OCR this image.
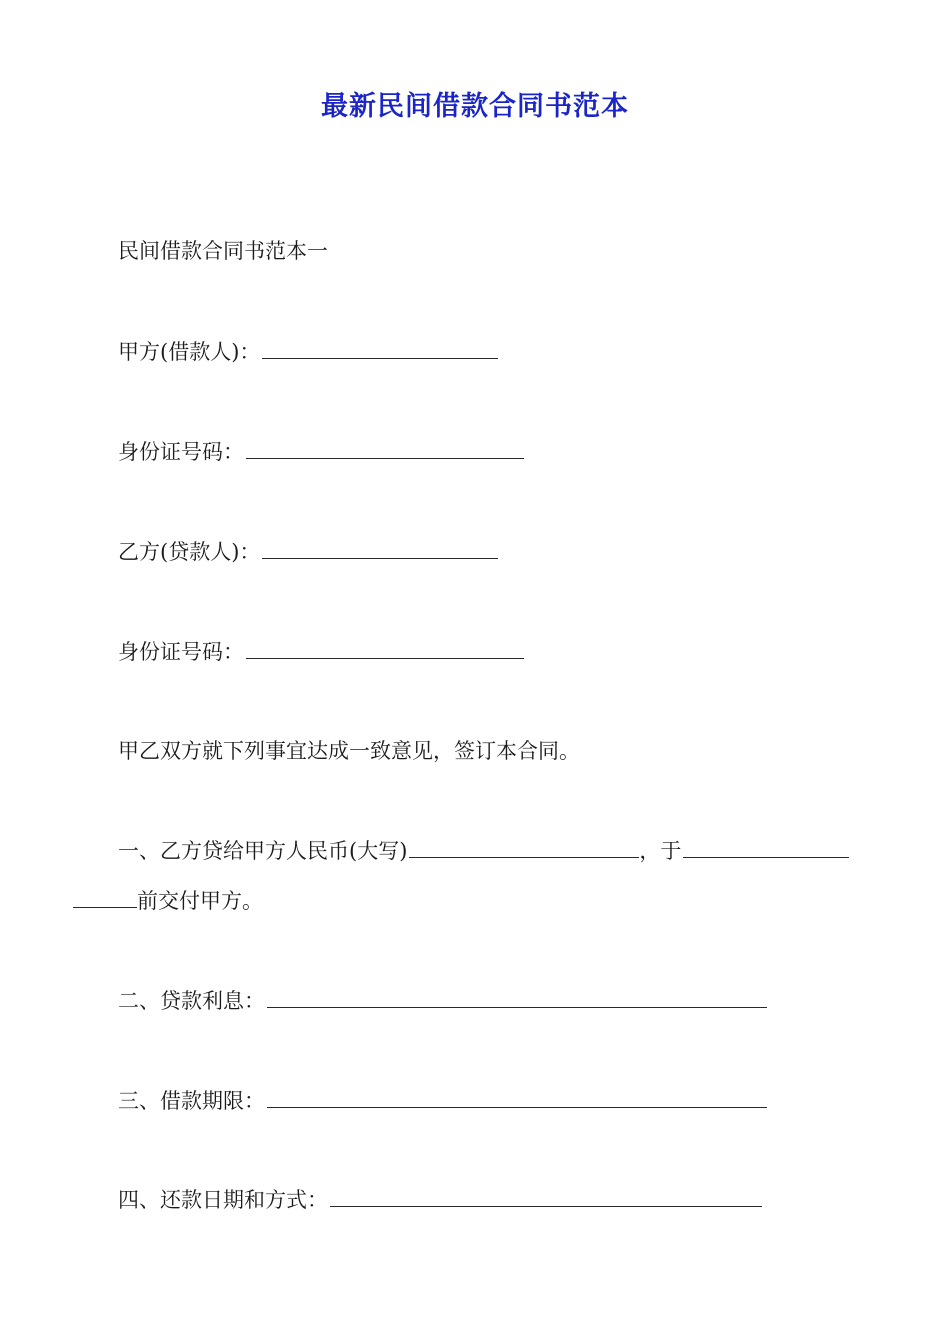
最新民间借款合同书范本
民间借款合同书范本一
甲方(借款人)：
身份证号码：
乙方(贷款人)：
身份证号码：
甲乙双方就下列事宜达成一致意见，签订本合同。
一、乙方贷给甲方人民币(大写)	，于
前交付甲方。
二、贷款利息：
三、借款期限：
四、还款日期和方式：
